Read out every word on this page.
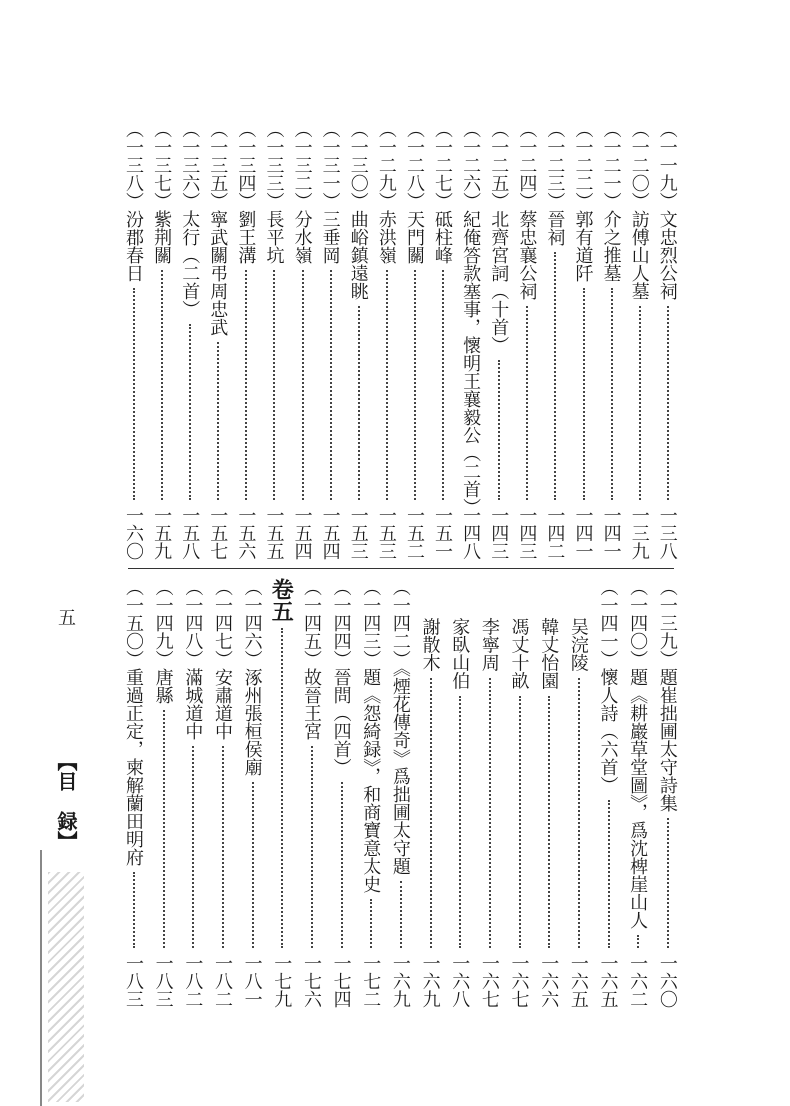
（一一九）文忠烈公祠
一三八
（一二〇）訪傅山人墓
一三九
（一二一）介之推墓
一四一
（一二二）郭有道阡
一四一
（一二三）晉祠
一四二
（一二四）蔡忠襄公祠
一四三
（一二五）北齊宮詞（十首）
一四三
（一二六）紀俺答款塞事，懷明王襄毅公（二首）
一四八
（一二七）砥柱峰
一五一
（一二八）天門關
一五二
（一二九）赤洪嶺
一五三
（一三〇）曲峪鎮遠眺
一五三
（一三一）三垂岡
一五四
（一三二）分水嶺
一五四
（一三三）長平坑
一五五
（一三四）劉王溝
一五六
（一三五）寧武關弔周忠武
一五七
（一三六）太行（二首）
一五八
（一三七）紫荆關
一五九
（一三八）汾郡春日
一六〇
（一三九）題崔拙圃太守詩集
一六〇
（一四〇）題《耕巖草堂圖》，爲沈椑崖山人
一六二
（一四一）懷人詩（六首）
一六五
吴浣陵
一六五
韓丈怡園
一六六
馮丈十畝
一六七
李寧周
一六七
家臥山伯
一六八
謝散木
一六九
（一四二）《煙花傳奇》爲拙圃太守題
一六九
（一四三）題《怨綺録》，和商寶意太史
一七二
（一四四）晉問（四首）
一七四
（一四五）故晉王宮
一七六
卷五
一七九
（一四六）涿州張桓侯廟
一八一
（一四七）安肅道中
一八二
（一四八）滿城道中
一八二
（一四九）唐縣
一八三
（一五〇）重過正定，柬解蘭田明府
一八三
五
【目　録】
